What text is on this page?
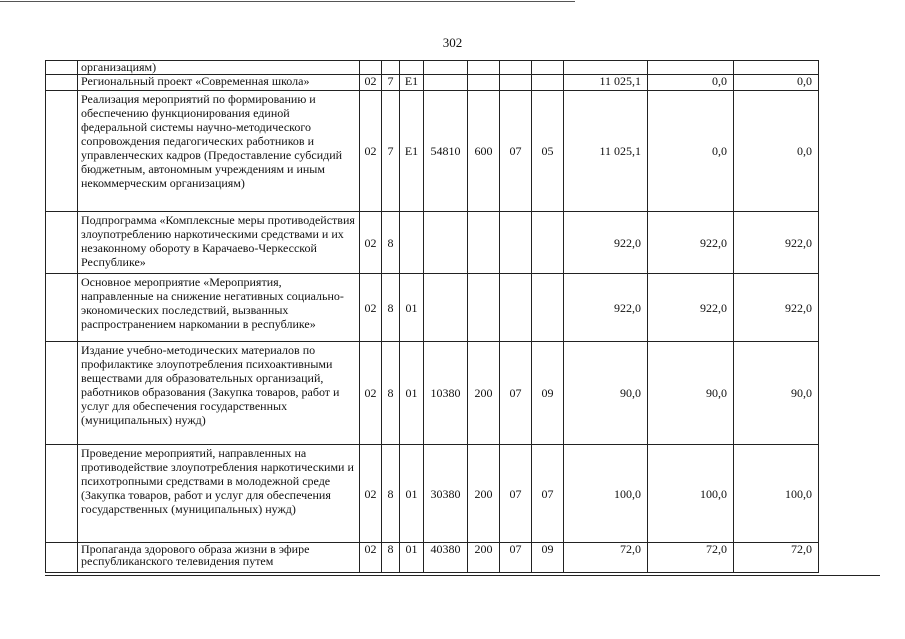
302
	организациям)										
	Региональный проект «Современная школа»	02	7	E1					11 025,1	0,0	0,0
	Реализация мероприятий по формированию и обеспечению функционирования единой федеральной системы научно-методического сопровождения педагогических работников и управленческих кадров (Предоставление субсидий бюджетным, автономным учреждениям и иным некоммерческим организациям)	02	7	E1	54810	600	07	05	11 025,1	0,0	0,0
	Подпрограмма «Комплексные меры противодействия злоупотреблению наркотическими средствами и их незаконному обороту в Карачаево-Черкесской Республике»	02	8						922,0	922,0	922,0
	Основное мероприятие «Мероприятия, направленные на снижение негативных социально-экономических последствий, вызванных распространением наркомании в республике»	02	8	01					922,0	922,0	922,0
	Издание учебно-методических материалов по профилактике злоупотребления психоактивными веществами для образовательных организаций, работников образования (Закупка товаров, работ и услуг для обеспечения государственных (муниципальных) нужд)	02	8	01	10380	200	07	09	90,0	90,0	90,0
	Проведение мероприятий, направленных на противодействие злоупотребления наркотическими и психотропными средствами в молодежной среде (Закупка товаров, работ и услуг для обеспечения государственных (муниципальных) нужд)	02	8	01	30380	200	07	07	100,0	100,0	100,0
	Пропаганда здорового образа жизни в эфире республиканского телевидения путем	02	8	01	40380	200	07	09	72,0	72,0	72,0
